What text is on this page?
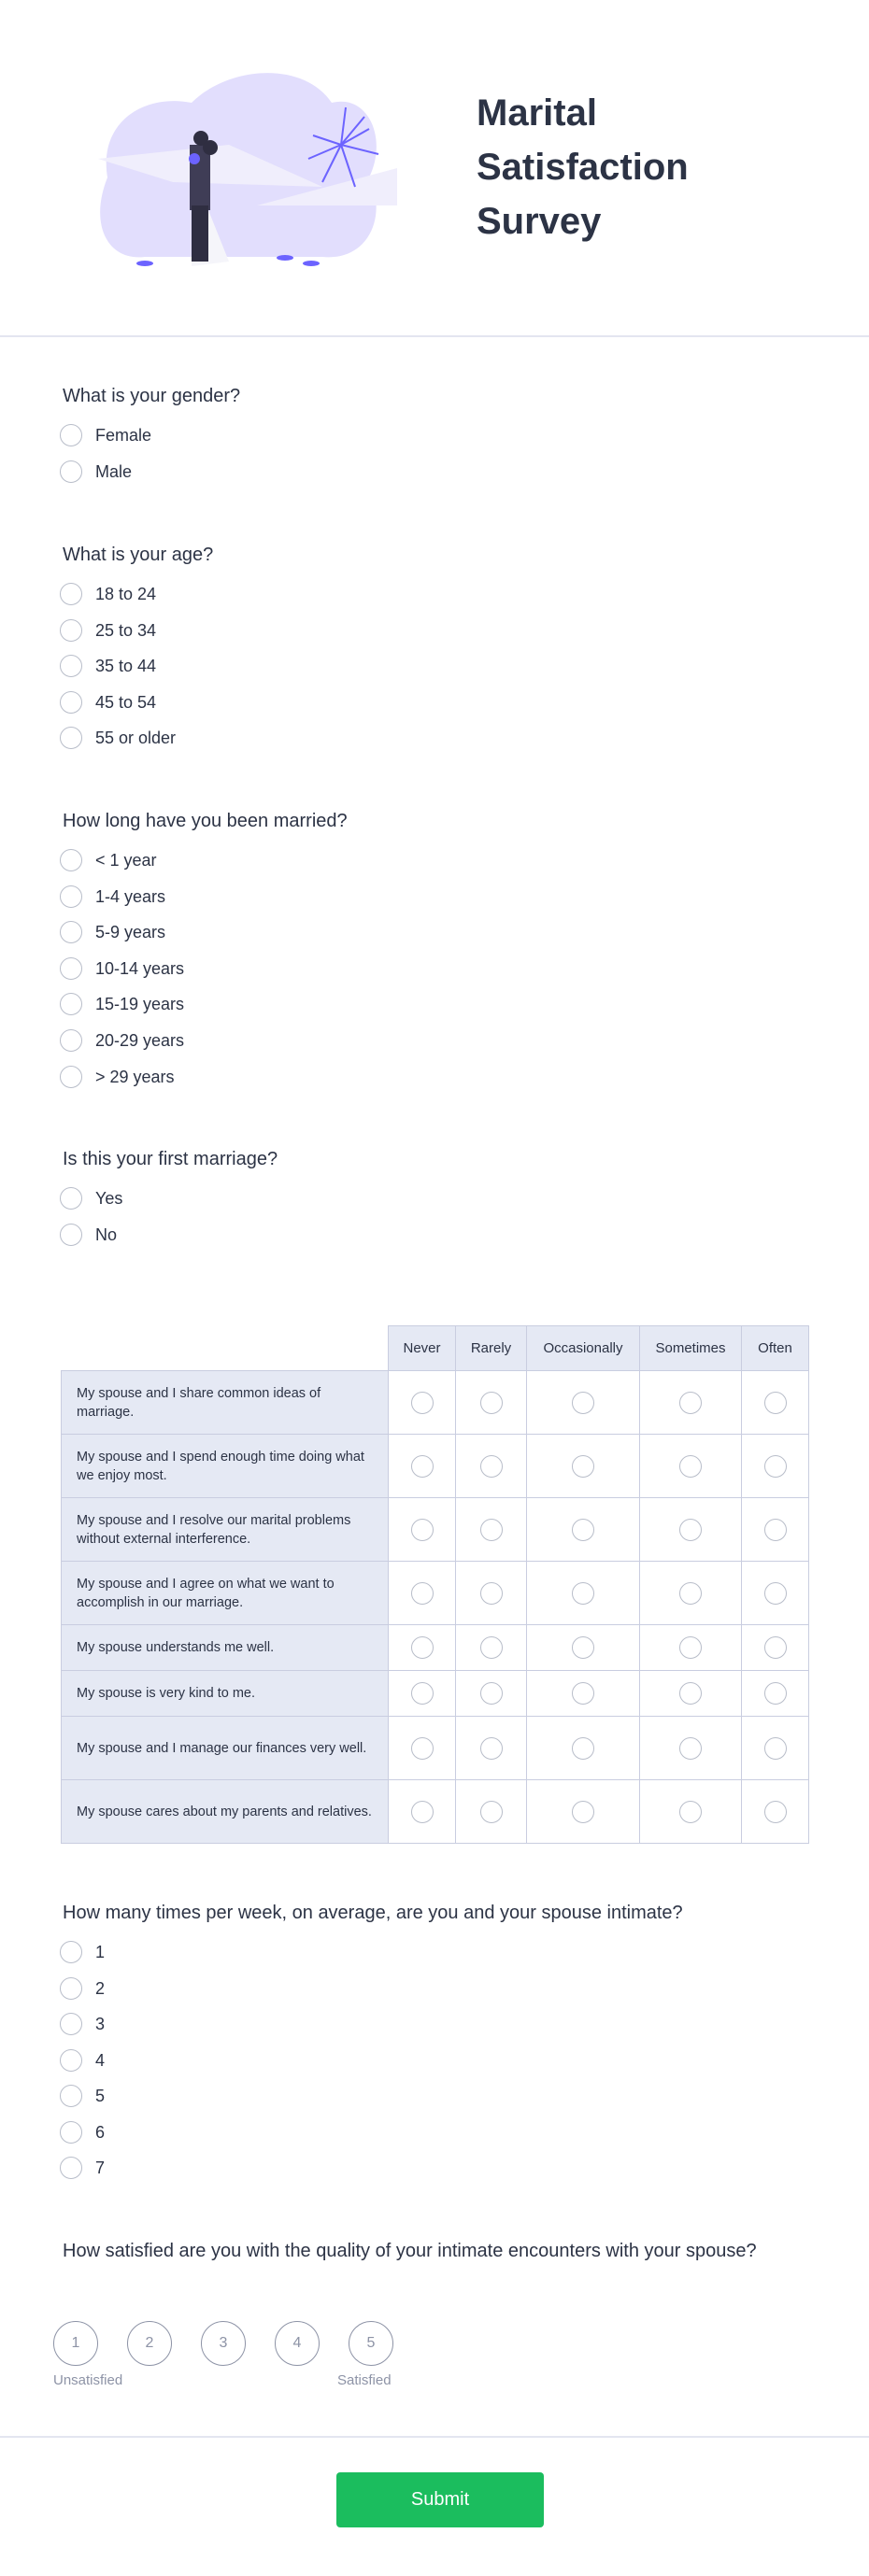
Marital
Satisfaction
Survey
What is your gender?
Female
Male
What is your age?
18 to 24
25 to 34
35 to 44
45 to 54
55 or older
How long have you been married?
< 1 year
1-4 years
5-9 years
10-14 years
15-19 years
20-29 years
> 29 years
Is this your first marriage?
Yes
No
	Never	Rarely	Occasionally	Sometimes	Often
My spouse and I share common ideas of marriage.					
My spouse and I spend enough time doing what we enjoy most.					
My spouse and I resolve our marital problems without external interference.					
My spouse and I agree on what we want to accomplish in our marriage.					
My spouse understands me well.					
My spouse is very kind to me.					
My spouse and I manage our finances very well.					
My spouse cares about my parents and relatives.					
How many times per week, on average, are you and your spouse intimate?
1
2
3
4
5
6
7
How satisfied are you with the quality of your intimate encounters with your spouse?
1	2	3	4	5
Unsatisfied	Satisfied
Submit
